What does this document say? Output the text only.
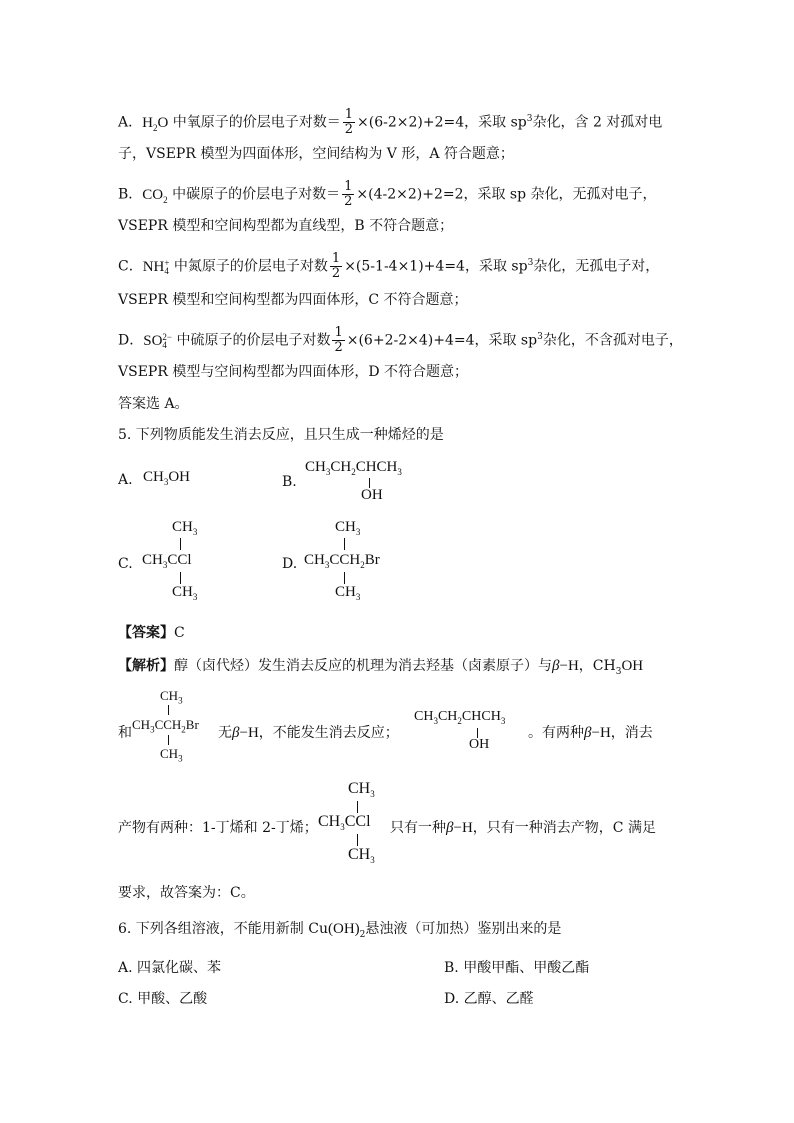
A．$H_2O$ 中氧原子的价层电子对数＝ $\frac{1}{2} \times(6-2\times 2)+2=4$，采取 $sp^3$杂化，含 2 对孤对电
子，VSEPR 模型为四面体形，空间结构为 V 形，A 符合题意；
B．$CO_2$ 中碳原子的价层电子对数＝ $\frac{1}{2} \times(4-2\times 2)+2=2$，采取 sp 杂化，无孤对电子，
VSEPR 模型和空间构型都为直线型，B 不符合题意；
C．NH +
4 中氮原子的价层电子对数 $\frac{1}{2} \times(5-1-4\times 1)+4=4$，采取 $sp^3$杂化，无孤电子对，
VSEPR 模型和空间构型都为四面体形，C 不符合题意；
D．SO 2−
4 中硫原子的价层电子对数 $\frac{1}{2} \times(6+2-2\times 4)+4=4$，采取 $sp^3$杂化，不含孤对电子，
VSEPR 模型与空间构型都为四面体形，D 不符合题意；
答案选 A。
5. 下列物质能发生消去反应，且只生成一种烯烃的是
A. $CH_3OH$	B.
$CH_3CH_2CHCH_3$
OH
C.
$CH_3$
$CH_3CCl$
$CH_3$
D.
$CH_3$
$CH_3CCH_2Br$
$CH_3$
【答案】C
【解析】醇（卤代烃）发生消去反应的机理为消去羟基（卤素原子）与β−H，$CH_3OH$
和
$CH_3$
$CH_3CCH_2Br$
$CH_3$
无β−H，不能发生消去反应；
$CH_3CH_2CHCH_3$
OH
。有两种β−H，消去
产物有两种：1-丁烯和 2-丁烯；
$CH_3$
$CH_3CCl$
$CH_3$
只有一种β−H，只有一种消去产物，C 满足
要求，故答案为：C。
6. 下列各组溶液，不能用新制 $Cu(OH)_2$悬浊液（可加热）鉴别出来的是
A. 四氯化碳、苯	B. 甲酸甲酯、甲酸乙酯
C. 甲酸、乙酸	D. 乙醇、乙醛
